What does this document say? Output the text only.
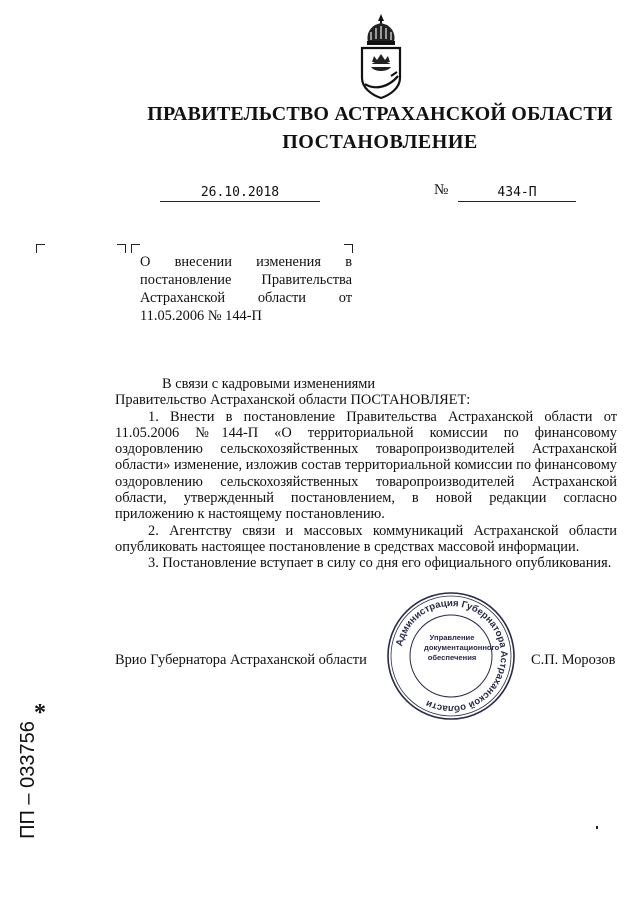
ПРАВИТЕЛЬСТВО АСТРАХАНСКОЙ ОБЛАСТИ
ПОСТАНОВЛЕНИЕ
26.10.2018	№	434-П
О внесении изменения в постановление Правительства Астраханской области от 11.05.2006 № 144-П

В связи с кадровыми изменениями

Правительство Астраханской области ПОСТАНОВЛЯЕТ:

1. Внести в постановление Правительства Астраханской области от 11.05.2006 №144-П «О территориальной комиссии по финансовому оздоровлению сельскохозяйственных товаропроизводителей Астраханской области» изменение, изложив состав территориальной комиссии по финансовому оздоровлению сельскохозяйственных товаропроизводителей Астраханской области, утвержденный постановлением, в новой редакции согласно приложению к настоящему постановлению.

2. Агентству связи и массовых коммуникаций Астраханской области опубликовать настоящее постановление в средствах массовой информации.

3. Постановление вступает в силу со дня его официального опубликования.

Врио Губернатора Астраханской области	С.П. Морозов
Администрация Губернатора Астраханской области
Управление
документационного
обеспечения
*
ПП – 033756
